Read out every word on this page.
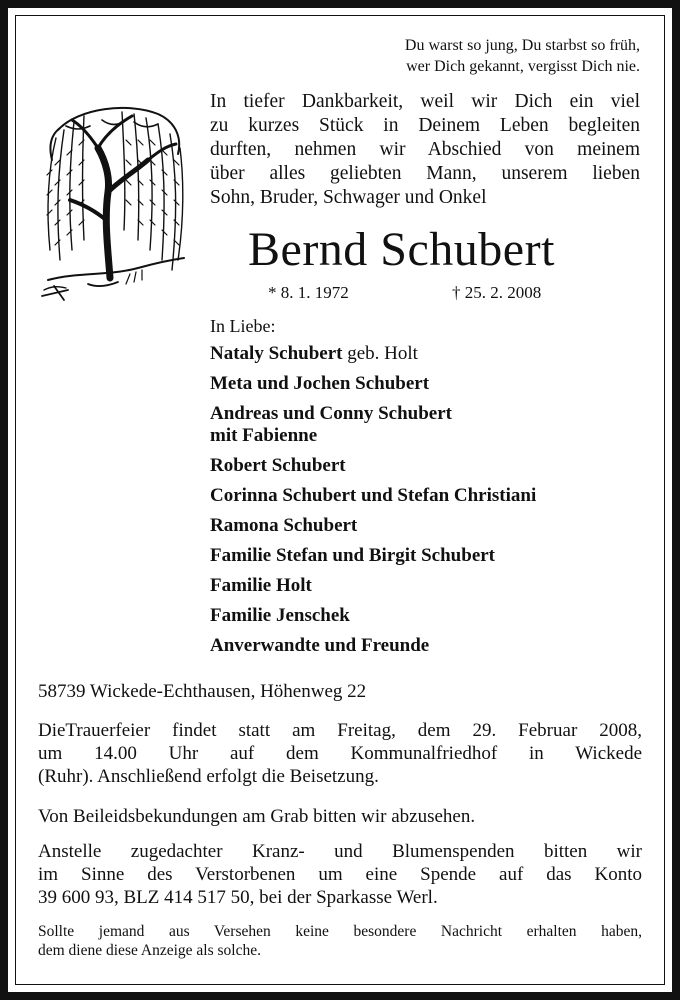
Du warst so jung, Du starbst so früh,
wer Dich gekannt, vergisst Dich nie.
In tiefer Dankbarkeit, weil wir Dich ein viel
zu kurzes Stück in Deinem Leben begleiten
durften, nehmen wir Abschied von meinem
über alles geliebten Mann, unserem lieben
Sohn, Bruder, Schwager und Onkel
Bernd Schubert
* 8. 1. 1972	† 25. 2. 2008
In Liebe:
Nataly Schubert geb. Holt
Meta und Jochen Schubert
Andreas und Conny Schubert
mit Fabienne
Robert Schubert
Corinna Schubert und Stefan Christiani
Ramona Schubert
Familie Stefan und Birgit Schubert
Familie Holt
Familie Jenschek
Anverwandte und Freunde
58739 Wickede-Echthausen, Höhenweg 22
DieTrauerfeier findet statt am Freitag, dem 29. Februar 2008,
um 14.00 Uhr auf dem Kommunalfriedhof in Wickede
(Ruhr). Anschließend erfolgt die Beisetzung.
Von Beileidsbekundungen am Grab bitten wir abzusehen.
Anstelle zugedachter Kranz- und Blumenspenden bitten wir
im Sinne des Verstorbenen um eine Spende auf das Konto
39 600 93, BLZ 414 517 50, bei der Sparkasse Werl.
Sollte jemand aus Versehen keine besondere Nachricht erhalten haben,
dem diene diese Anzeige als solche.
